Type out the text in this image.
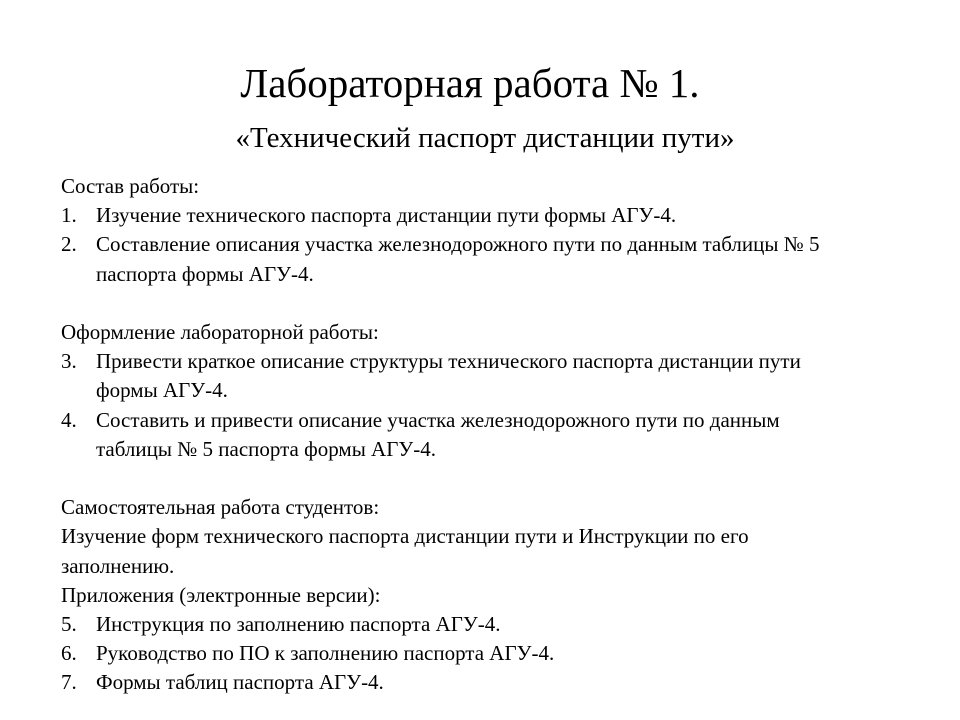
Лабораторная работа № 1.
«Технический паспорт дистанции пути»

Состав работы:

1. Изучение технического паспорта дистанции пути формы АГУ-4.

2. Составление описания участка железнодорожного пути по данным таблицы № 5

паспорта формы АГУ-4.

Оформление лабораторной работы:

3. Привести краткое описание структуры технического паспорта дистанции пути

формы АГУ-4.

4. Составить и привести описание участка железнодорожного пути по данным

таблицы № 5 паспорта формы АГУ-4.

Самостоятельная работа студентов:

Изучение форм технического паспорта дистанции пути и Инструкции по его

заполнению.

Приложения (электронные версии):

5. Инструкция по заполнению паспорта АГУ-4.

6. Руководство по ПО к заполнению паспорта АГУ-4.

7. Формы таблиц паспорта АГУ-4.
